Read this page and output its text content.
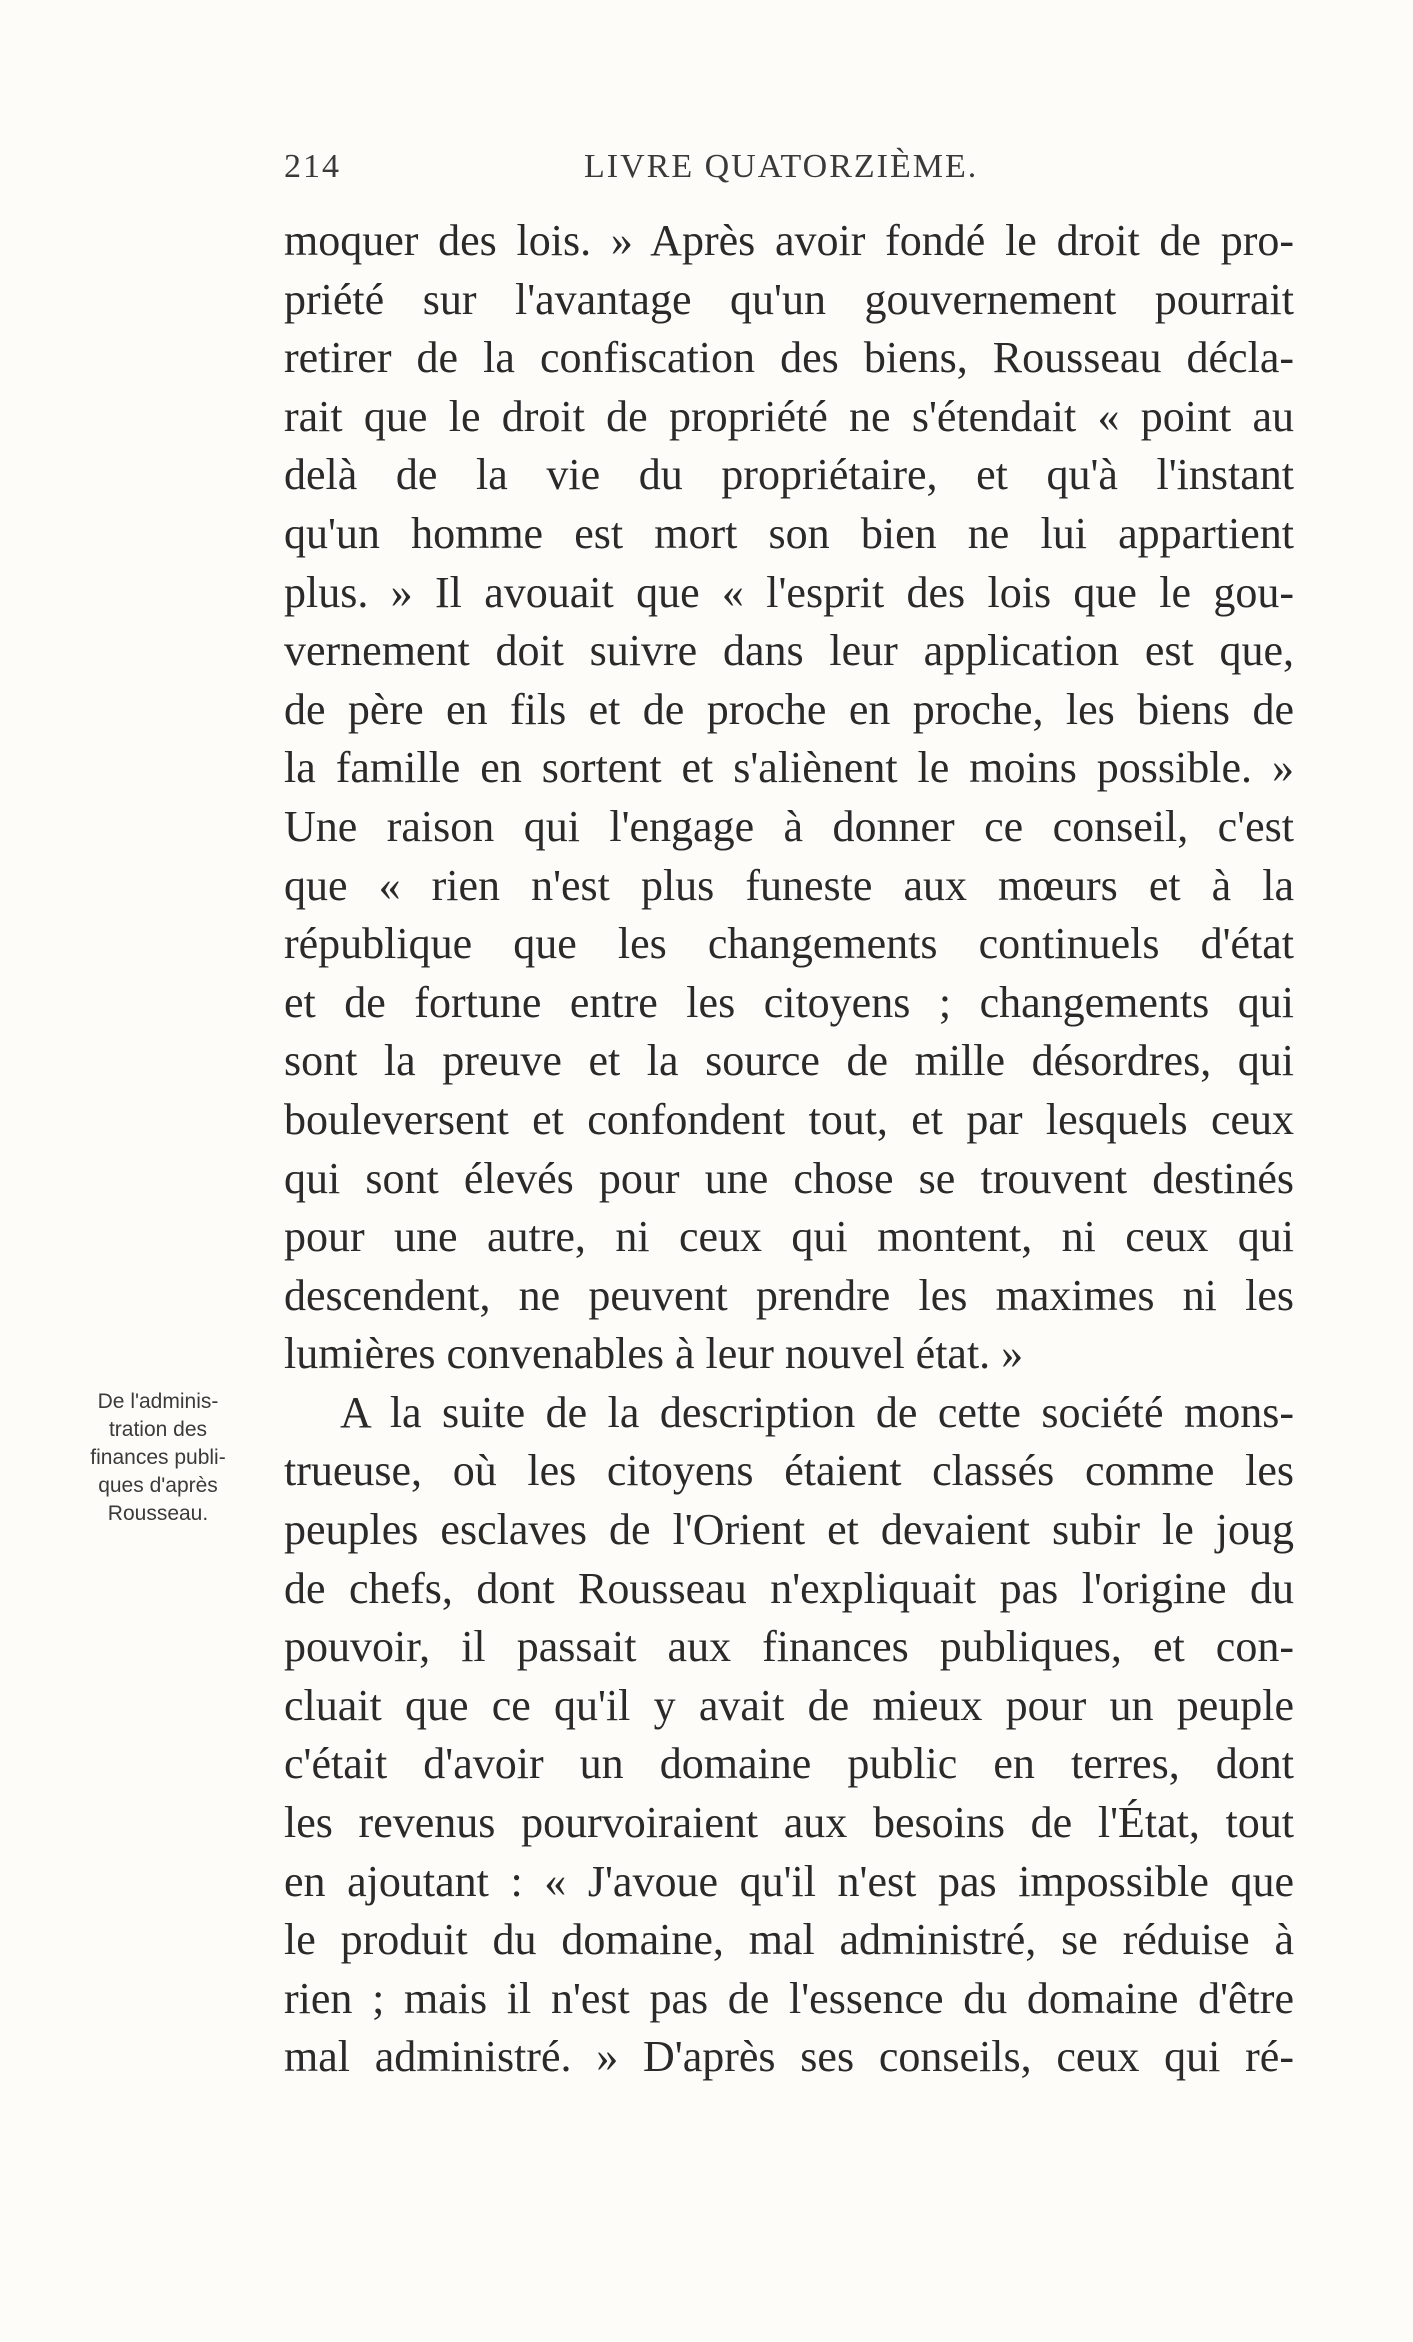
214	LIVRE QUATORZIÈME.
De l'adminis-
tration des
finances publi-
ques d'après
Rousseau.
moquer des lois. » Après avoir fondé le droit de pro-
priété sur l'avantage qu'un gouvernement pourrait
retirer de la confiscation des biens, Rousseau décla-
rait que le droit de propriété ne s'étendait « point au
delà de la vie du propriétaire, et qu'à l'instant
qu'un homme est mort son bien ne lui appartient
plus. » Il avouait que « l'esprit des lois que le gou-
vernement doit suivre dans leur application est que,
de père en fils et de proche en proche, les biens de
la famille en sortent et s'aliènent le moins possible. »
Une raison qui l'engage à donner ce conseil, c'est
que « rien n'est plus funeste aux mœurs et à la
république que les changements continuels d'état
et de fortune entre les citoyens ; changements qui
sont la preuve et la source de mille désordres, qui
bouleversent et confondent tout, et par lesquels ceux
qui sont élevés pour une chose se trouvent destinés
pour une autre, ni ceux qui montent, ni ceux qui
descendent, ne peuvent prendre les maximes ni les
lumières convenables à leur nouvel état. »
A la suite de la description de cette société mons-
trueuse, où les citoyens étaient classés comme les
peuples esclaves de l'Orient et devaient subir le joug
de chefs, dont Rousseau n'expliquait pas l'origine du
pouvoir, il passait aux finances publiques, et con-
cluait que ce qu'il y avait de mieux pour un peuple
c'était d'avoir un domaine public en terres, dont
les revenus pourvoiraient aux besoins de l'État, tout
en ajoutant : « J'avoue qu'il n'est pas impossible que
le produit du domaine, mal administré, se réduise à
rien ; mais il n'est pas de l'essence du domaine d'être
mal administré. » D'après ses conseils, ceux qui ré-
